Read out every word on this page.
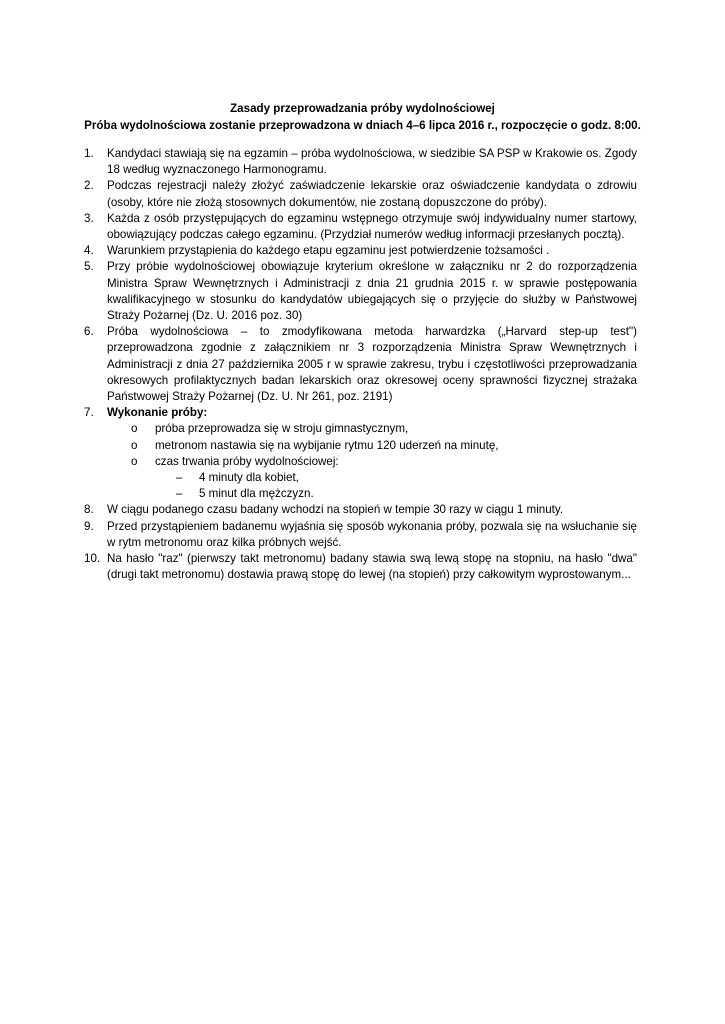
Zasady przeprowadzania próby wydolnościowej
Próba wydolnościowa zostanie przeprowadzona w dniach 4–6 lipca 2016 r., rozpoczęcie o godz. 8:00.
1. Kandydaci stawiają się na egzamin – próba wydolnościowa, w siedzibie SA PSP w Krakowie os. Zgody 18 według wyznaczonego Harmonogramu.
2. Podczas rejestracji należy złożyć zaświadczenie lekarskie oraz oświadczenie kandydata o zdrowiu (osoby, które nie złożą stosownych dokumentów, nie zostaną dopuszczone do próby).
3. Każda z osób przystępujących do egzaminu wstępnego otrzymuje swój indywidualny numer startowy, obowiązujący podczas całego egzaminu. (Przydział numerów według informacji przesłanych pocztą).
4. Warunkiem przystąpienia do każdego etapu egzaminu jest potwierdzenie tożsamości .
5. Przy próbie wydolnościowej obowiązuje kryterium określone w załączniku nr 2 do rozporządzenia Ministra Spraw Wewnętrznych i Administracji z dnia 21 grudnia 2015 r. w sprawie postępowania kwalifikacyjnego w stosunku do kandydatów ubiegających się o przyjęcie do służby w Państwowej Straży Pożarnej (Dz. U. 2016 poz. 30)
6. Próba wydolnościowa – to zmodyfikowana metoda harwardzka („Harvard step-up test") przeprowadzona zgodnie z załącznikiem nr 3 rozporządzenia Ministra Spraw Wewnętrznych i Administracji z dnia 27 października 2005 r w sprawie zakresu, trybu i częstotliwości przeprowadzania okresowych profilaktycznych badan lekarskich oraz okresowej oceny sprawności fizycznej strażaka Państwowej Straży Pożarnej (Dz. U. Nr 261, poz. 2191)
7. Wykonanie próby:
o próba przeprowadza się w stroju gimnastycznym,
o metronom nastawia się na wybijanie rytmu 120 uderzeń na minutę,
o czas trwania próby wydolnościowej:
– 4 minuty dla kobiet,
– 5 minut dla mężczyzn.
8. W ciągu podanego czasu badany wchodzi na stopień w tempie 30 razy w ciągu 1 minuty.
9. Przed przystąpieniem badanemu wyjaśnia się sposób wykonania próby, pozwala się na wsłuchanie się w rytm metronomu oraz kilka próbnych wejść.
10. Na hasło "raz" (pierwszy takt metronomu) badany stawia swą lewą stopę na stopniu, na hasło "dwa" (drugi takt metronomu) dostawia prawą stopę do lewej (na stopień) przy całkowitym wyprostowanym...
